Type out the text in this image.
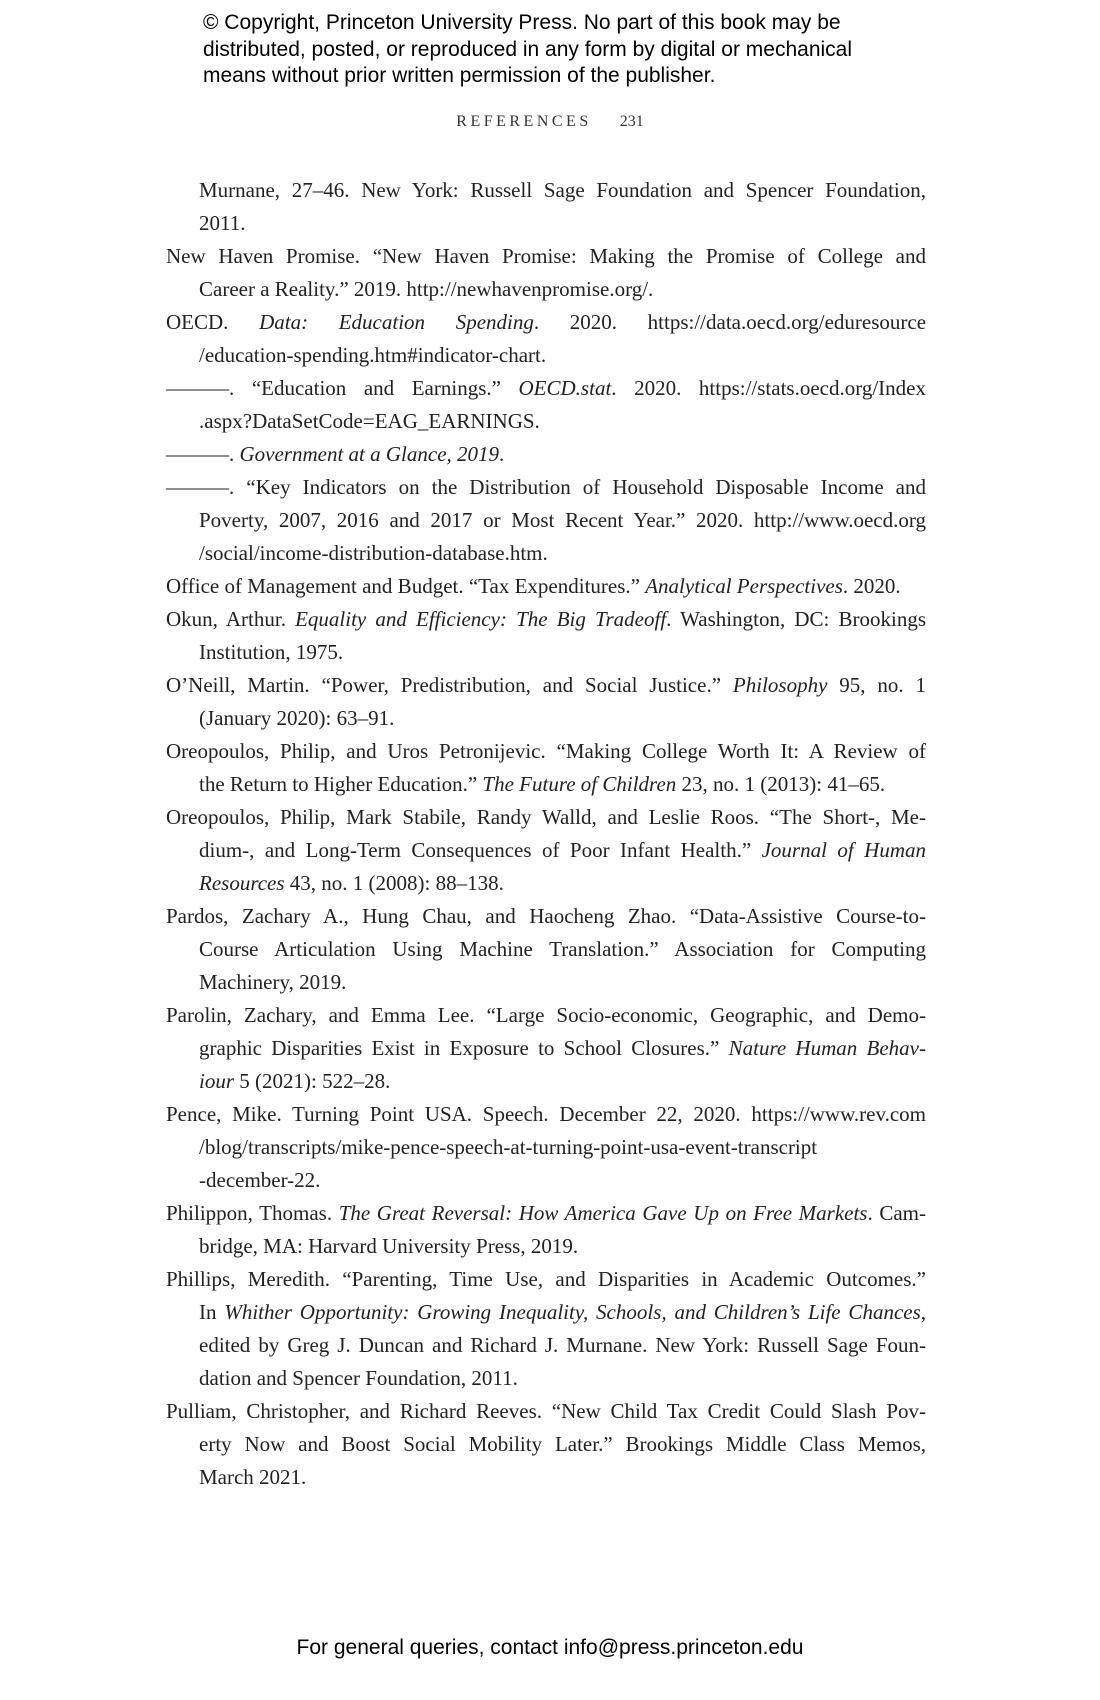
© Copyright, Princeton University Press. No part of this book may be
distributed, posted, or reproduced in any form by digital or mechanical
means without prior written permission of the publisher.
REFERENCES 231
Murnane, 27–46. New York: Russell Sage Foundation and Spencer Foundation,
2011.
New Haven Promise. “New Haven Promise: Making the Promise of College and
Career a Reality.” 2019. http://newhavenpromise.org/.
OECD. Data: Education Spending. 2020. https://data.oecd.org/eduresource
/education-spending.htm#indicator-chart.
———. “Education and Earnings.” OECD.stat. 2020. https://stats.oecd.org/Index
.aspx?DataSetCode=EAG_EARNINGS.
———. Government at a Glance, 2019.
———. “Key Indicators on the Distribution of Household Disposable Income and
Poverty, 2007, 2016 and 2017 or Most Recent Year.” 2020. http://www.oecd.org
/social/income-distribution-database.htm.
Office of Management and Budget. “Tax Expenditures.” Analytical Perspectives. 2020.
Okun, Arthur. Equality and Efficiency: The Big Tradeoff. Washington, DC: Brookings
Institution, 1975.
O’Neill, Martin. “Power, Predistribution, and Social Justice.” Philosophy 95, no. 1
(January 2020): 63–91.
Oreopoulos, Philip, and Uros Petronijevic. “Making College Worth It: A Review of
the Return to Higher Education.” The Future of Children 23, no. 1 (2013): 41–65.
Oreopoulos, Philip, Mark Stabile, Randy Walld, and Leslie Roos. “The Short-, Me-
dium-, and Long-Term Consequences of Poor Infant Health.” Journal of Human
Resources 43, no. 1 (2008): 88–138.
Pardos, Zachary A., Hung Chau, and Haocheng Zhao. “Data-Assistive Course-to-
Course Articulation Using Machine Translation.” Association for Computing
Machinery, 2019.
Parolin, Zachary, and Emma Lee. “Large Socio-economic, Geographic, and Demo-
graphic Disparities Exist in Exposure to School Closures.” Nature Human Behav-
iour 5 (2021): 522–28.
Pence, Mike. Turning Point USA. Speech. December 22, 2020. https://www.rev.com
/blog/transcripts/mike-pence-speech-at-turning-point-usa-event-transcript
-december-22.
Philippon, Thomas. The Great Reversal: How America Gave Up on Free Markets. Cam-
bridge, MA: Harvard University Press, 2019.
Phillips, Meredith. “Parenting, Time Use, and Disparities in Academic Outcomes.”
In Whither Opportunity: Growing Inequality, Schools, and Children’s Life Chances,
edited by Greg J. Duncan and Richard J. Murnane. New York: Russell Sage Foun-
dation and Spencer Foundation, 2011.
Pulliam, Christopher, and Richard Reeves. “New Child Tax Credit Could Slash Pov-
erty Now and Boost Social Mobility Later.” Brookings Middle Class Memos,
March 2021.
For general queries, contact info@press.princeton.edu
